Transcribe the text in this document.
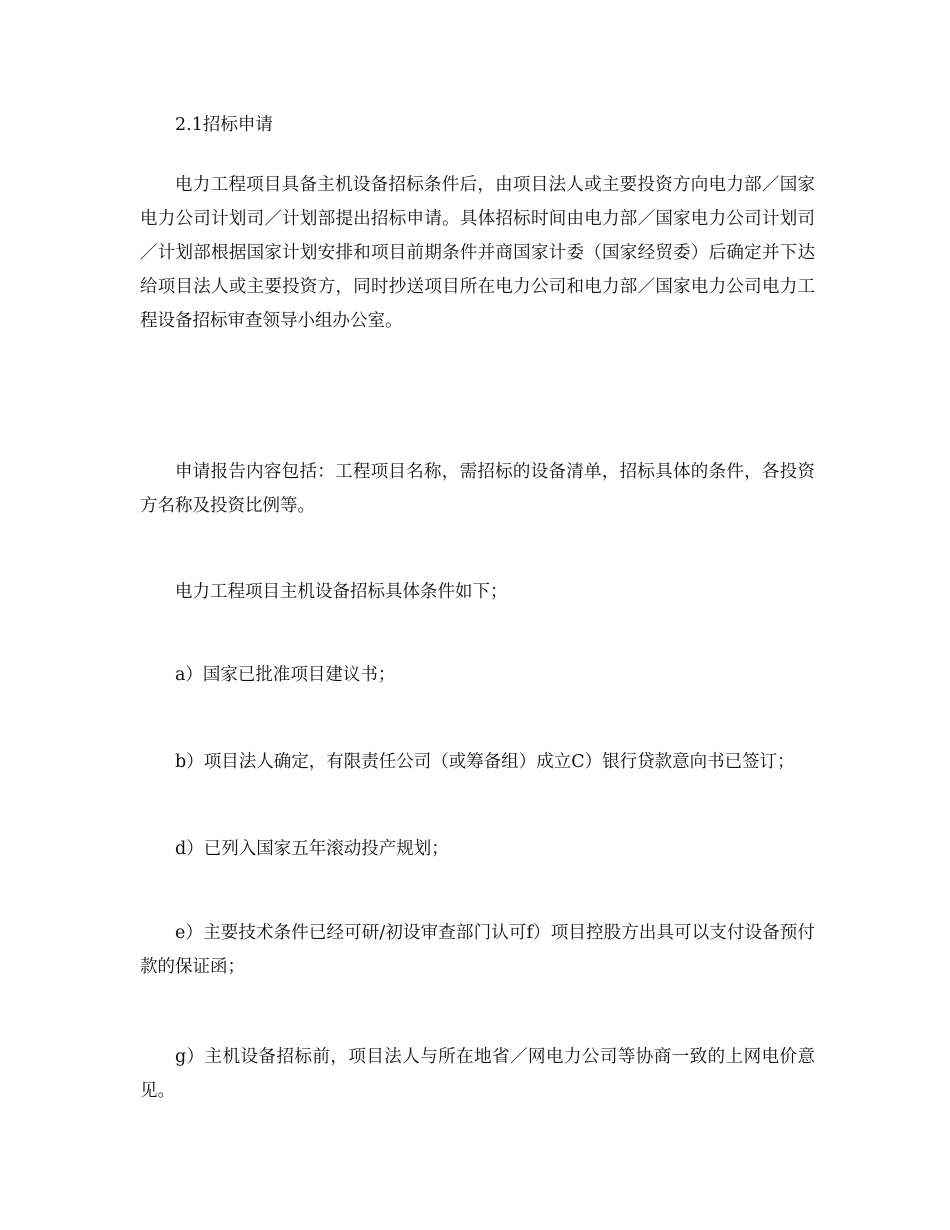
2.1招标申请

电力工程项目具备主机设备招标条件后，由项目法人或主要投资方向电力部／国家电力公司计划司／计划部提出招标申请。具体招标时间由电力部／国家电力公司计划司／计划部根据国家计划安排和项目前期条件并商国家计委（国家经贸委）后确定并下达给项目法人或主要投资方，同时抄送项目所在电力公司和电力部／国家电力公司电力工程设备招标审查领导小组办公室。

申请报告内容包括：工程项目名称，需招标的设备清单，招标具体的条件，各投资方名称及投资比例等。

电力工程项目主机设备招标具体条件如下；

a）国家已批准项目建议书；

b）项目法人确定，有限责任公司（或筹备组）成立C）银行贷款意向书已签订；

d）已列入国家五年滚动投产规划；

e）主要技术条件已经可研/初设审查部门认可f）项目控股方出具可以支付设备预付款的保证函；

g）主机设备招标前，项目法人与所在地省／网电力公司等协商一致的上网电价意见。
